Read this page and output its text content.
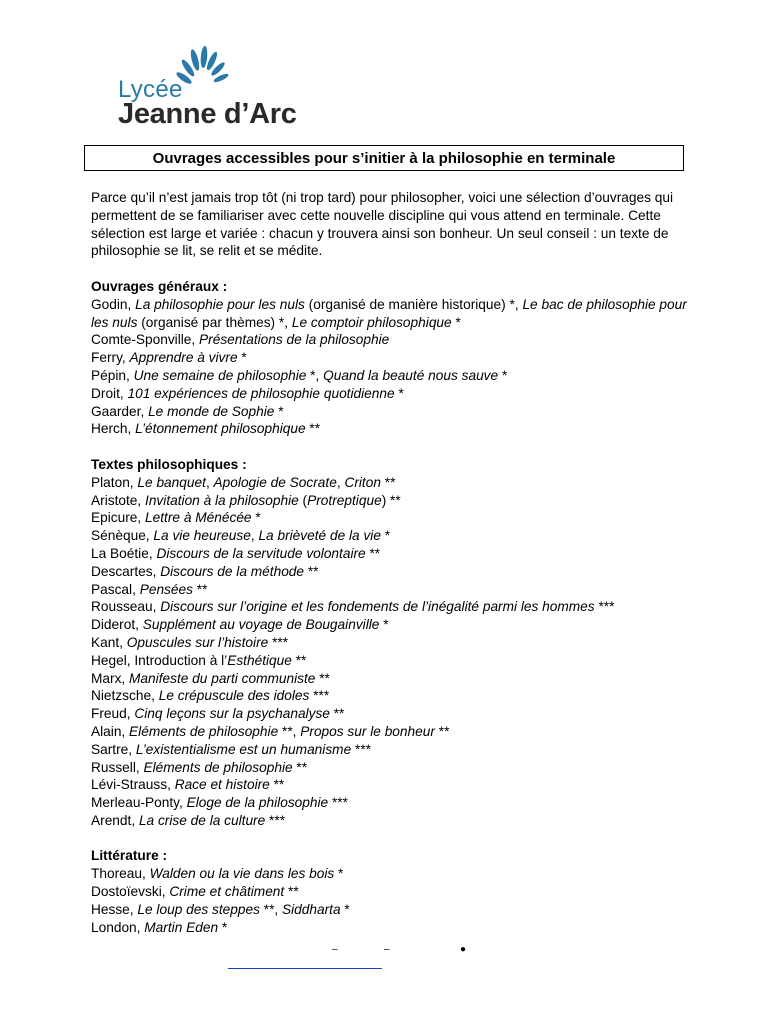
Lycée
Jeanne d’Arc
Ouvrages accessibles pour s’initier à la philosophie en terminale

Parce qu’il n’est jamais trop tôt (ni trop tard) pour philosopher, voici une sélection d’ouvrages qui permettent de se familiariser avec cette nouvelle discipline qui vous attend en terminale. Cette sélection est large et variée : chacun y trouvera ainsi son bonheur. Un seul conseil : un texte de philosophie se lit, se relit et se médite.

Ouvrages généraux :
Godin, La philosophie pour les nuls (organisé de manière historique) *, Le bac de philosophie pour les nuls (organisé par thèmes) *, Le comptoir philosophique *
Comte-Sponville, Présentations de la philosophie
Ferry, Apprendre à vivre *
Pépin, Une semaine de philosophie *, Quand la beauté nous sauve *
Droit, 101 expériences de philosophie quotidienne *
Gaarder, Le monde de Sophie *
Herch, L’étonnement philosophique **
Textes philosophiques :
Platon, Le banquet, Apologie de Socrate, Criton **
Aristote, Invitation à la philosophie (Protreptique) **
Epicure, Lettre à Ménécée *
Sénèque, La vie heureuse, La brièveté de la vie *
La Boétie, Discours de la servitude volontaire **
Descartes, Discours de la méthode **
Pascal, Pensées **
Rousseau, Discours sur l’origine et les fondements de l’inégalité parmi les hommes ***
Diderot, Supplément au voyage de Bougainville *
Kant, Opuscules sur l’histoire ***
Hegel, Introduction à l’Esthétique **
Marx, Manifeste du parti communiste **
Nietzsche, Le crépuscule des idoles ***
Freud, Cinq leçons sur la psychanalyse **
Alain, Eléments de philosophie **, Propos sur le bonheur **
Sartre, L’existentialisme est un humanisme ***
Russell, Eléments de philosophie **
Lévi-Strauss, Race et histoire **
Merleau-Ponty, Eloge de la philosophie ***
Arendt, La crise de la culture ***
Littérature :
Thoreau, Walden ou la vie dans les bois *
Dostoïevski, Crime et châtiment **
Hesse, Le loup des steppes **, Siddharta *
London, Martin Eden *
‒	‒	●
